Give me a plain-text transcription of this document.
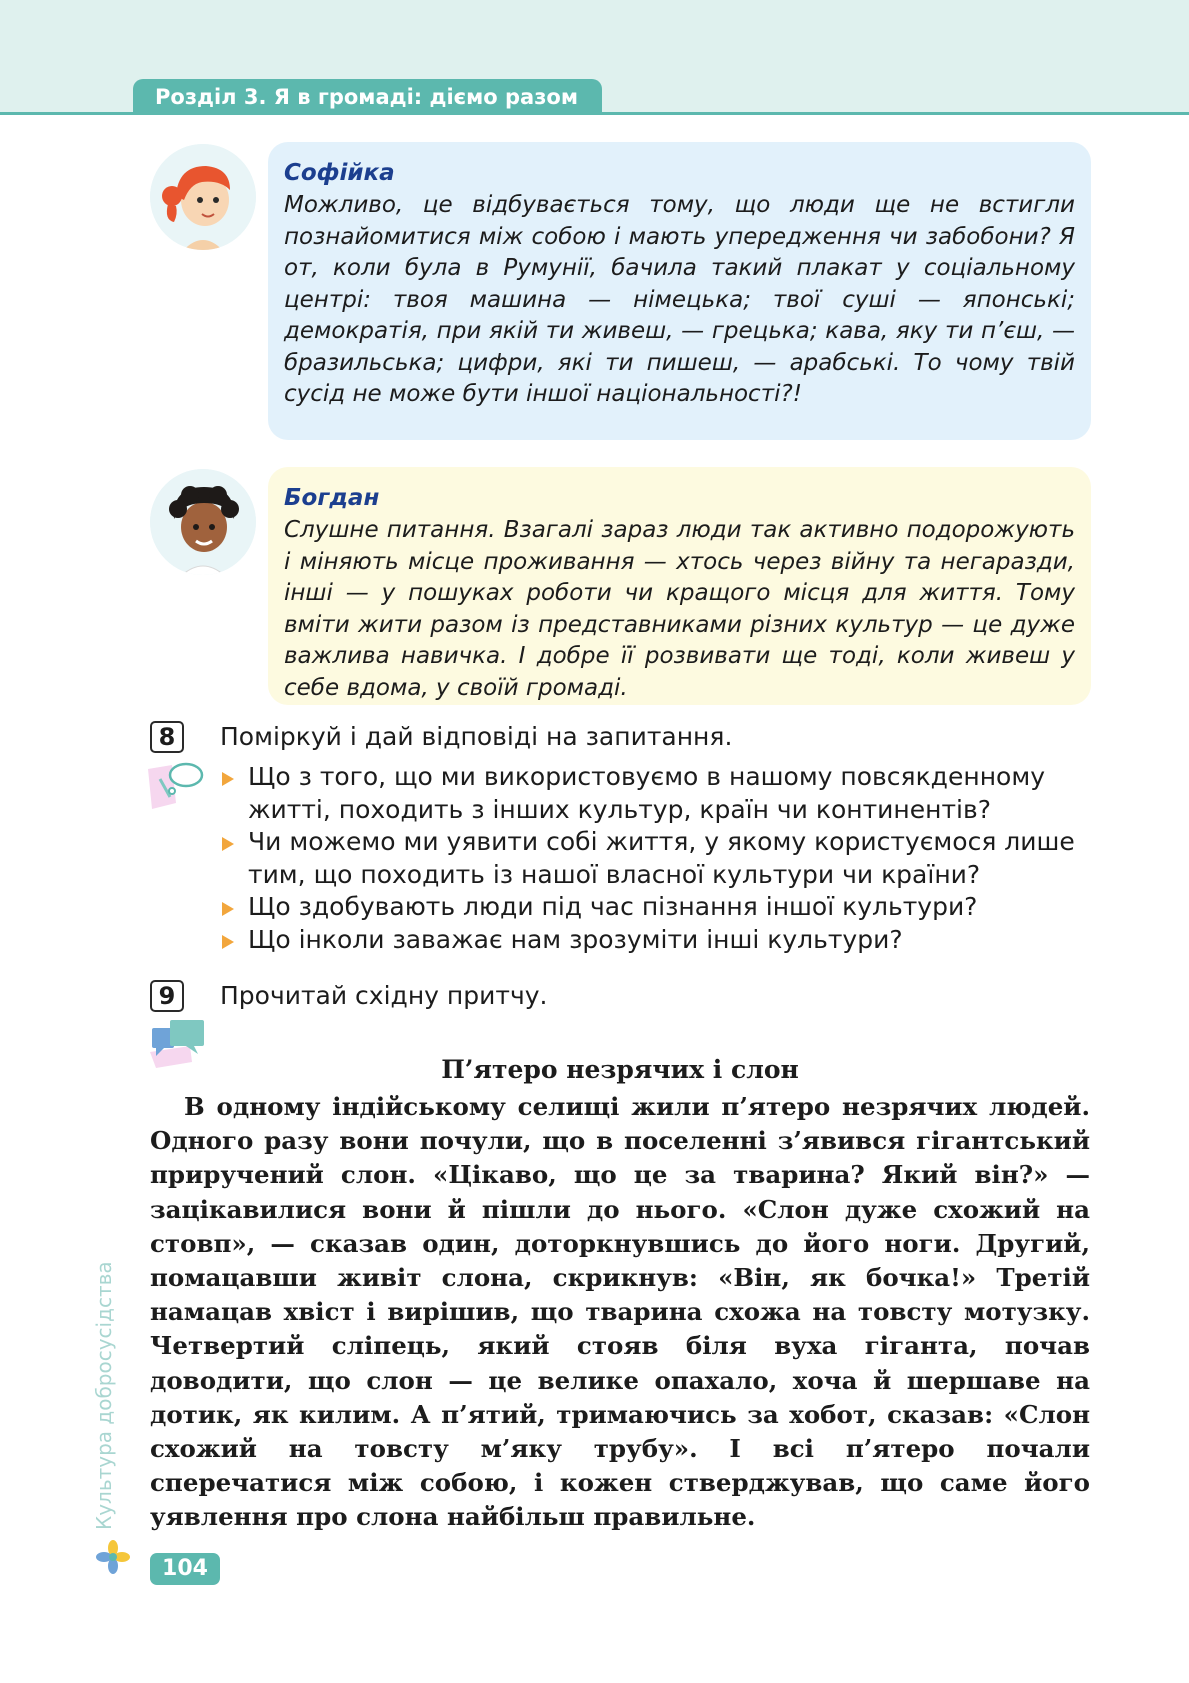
Розділ 3. Я в громаді: діємо разом

Софійка

Можливо, це відбувається тому, що люди ще не встигли познайомитися між собою і мають упередження чи забобони? Я от, коли була в Румунії, бачила такий плакат у соціальному центрі: твоя машина — німецька; твої суші — японські; демократія, при якій ти живеш, — грецька; кава, яку ти п’єш, — бразильська; цифри, які ти пишеш, — арабські. То чому твій сусід не може бути іншої національності?!

Богдан

Слушне питання. Взагалі зараз люди так активно подорожують і міняють місце проживання — хтось через війну та негаразди, інші — у пошуках роботи чи кращого місця для життя. Тому вміти жити разом із представниками різних культур — це дуже важлива навичка. І добре її розвивати ще тоді, коли живеш у себе вдома, у своїй громаді.

8	Поміркуй і дай відповіді на запитання.
Що з того, що ми використовуємо в нашому повсякденному житті, походить з інших культур, країн чи континентів?
Чи можемо ми уявити собі життя, у якому користуємося лише тим, що походить із нашої власної культури чи країни?
Що здобувають люди під час пізнання іншої культури?
Що інколи заважає нам зрозуміти інші культури?
9	Прочитай східну притчу.
П’ятеро незрячих і слон

В одному індійському селищі жили п’ятеро незрячих людей. Одного разу вони почули, що в поселенні з’явився гігантський приручений слон. «Цікаво, що це за тварина? Який він?» — зацікавилися вони й пішли до нього. «Слон дуже схожий на стовп», — сказав один, доторкнувшись до його ноги. Другий, помацавши живіт слона, скрикнув: «Він, як бочка!» Третій намацав хвіст і вирішив, що тварина схожа на товсту мотузку. Четвертий сліпець, який стояв біля вуха гіганта, почав доводити, що слон — це велике опахало, хоча й шершаве на дотик, як килим. А п’ятий, тримаючись за хобот, сказав: «Слон схожий на товсту м’яку трубу». І всі п’ятеро почали сперечатися між собою, і кожен стверджував, що саме його уявлення про слона найбільш правильне.

Культура добросусідства
104
